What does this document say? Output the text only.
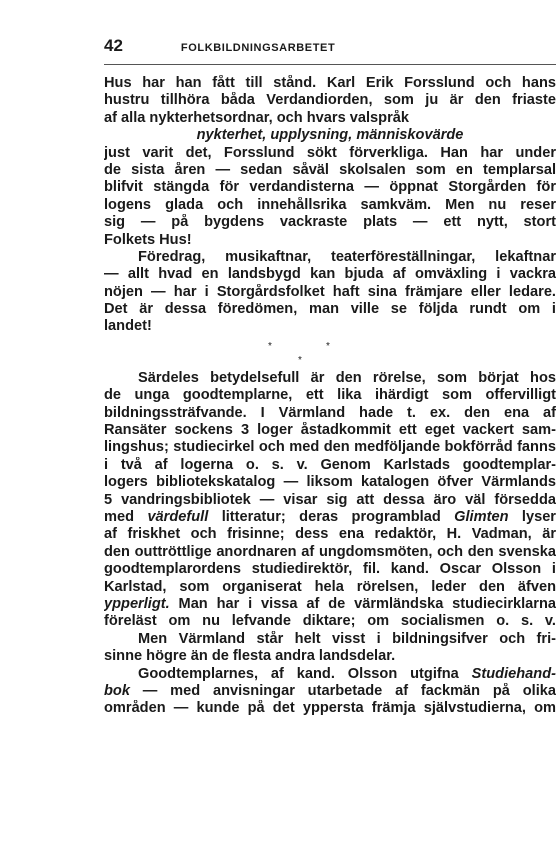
42	FOLKBILDNINGSARBETET
Hus har han fått till stånd. Karl Erik Forsslund och hans
hustru tillhöra båda Verdandiorden, som ju är den friaste
af alla nykterhetsordnar, och hvars valspråk
nykterhet, upplysning, människovärde
just varit det, Forsslund sökt förverkliga. Han har under
de sista åren — sedan såväl skolsalen som en templarsal
blifvit stängda för verdandisterna — öppnat Storgården för
logens glada och innehållsrika samkväm. Men nu reser
sig — på bygdens vackraste plats — ett nytt, stort
Folkets Hus!
Föredrag, musikaftnar, teaterföreställningar, lekaftnar
— allt hvad en landsbygd kan bjuda af omväxling i vackra
nöjen — har i Storgårdsfolket haft sina främjare eller ledare.
Det är dessa föredömen, man ville se följda rundt om i
landet!
*	*
*
Särdeles betydelsefull är den rörelse, som börjat hos
de unga goodtemplarne, ett lika ihärdigt som offervilligt
bildningssträfvande. I Värmland hade t. ex. den ena af
Ransäter sockens 3 loger åstadkommit ett eget vackert sam-
lingshus; studiecirkel och med den medföljande bokförråd fanns
i två af logerna o. s. v. Genom Karlstads goodtemplar-
logers bibliotekskatalog — liksom katalogen öfver Värmlands
5 vandringsbibliotek — visar sig att dessa äro väl försedda
med värdefull litteratur; deras programblad Glimten lyser
af friskhet och frisinne; dess ena redaktör, H. Vadman, är
den outtröttlige anordnaren af ungdomsmöten, och den svenska
goodtemplarordens studiedirektör, fil. kand. Oscar Olsson i
Karlstad, som organiserat hela rörelsen, leder den äfven
ypperligt. Man har i vissa af de värmländska studiecirklarna
föreläst om nu lefvande diktare; om socialismen o. s. v.
Men Värmland står helt visst i bildningsifver och fri-
sinne högre än de flesta andra landsdelar.
Goodtemplarnes, af kand. Olsson utgifna Studiehand-
bok — med anvisningar utarbetade af fackmän på olika
områden — kunde på det yppersta främja självstudierna, om
